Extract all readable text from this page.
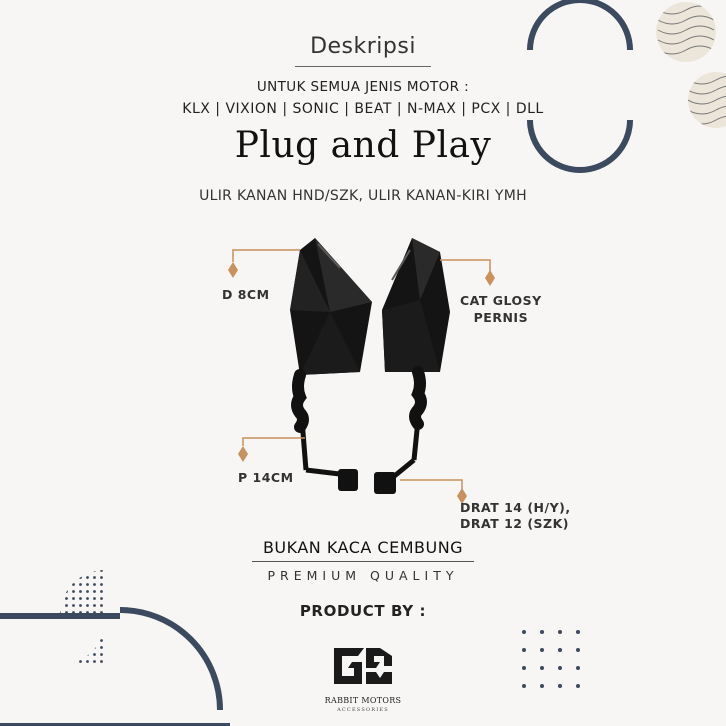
Deskripsi
UNTUK SEMUA JENIS MOTOR :
KLX | VIXION | SONIC | BEAT | N-MAX | PCX | DLL
Plug and Play
ULIR KANAN HND/SZK, ULIR KANAN-KIRI YMH
D 8CM	CAT GLOSY
PERNIS
P 14CM
DRAT 14 (H/Y),
DRAT 12 (SZK)
BUKAN KACA CEMBUNG
PREMIUM QUALITY
PRODUCT BY :
RABBIT MOTORS
ACCESSORIES
